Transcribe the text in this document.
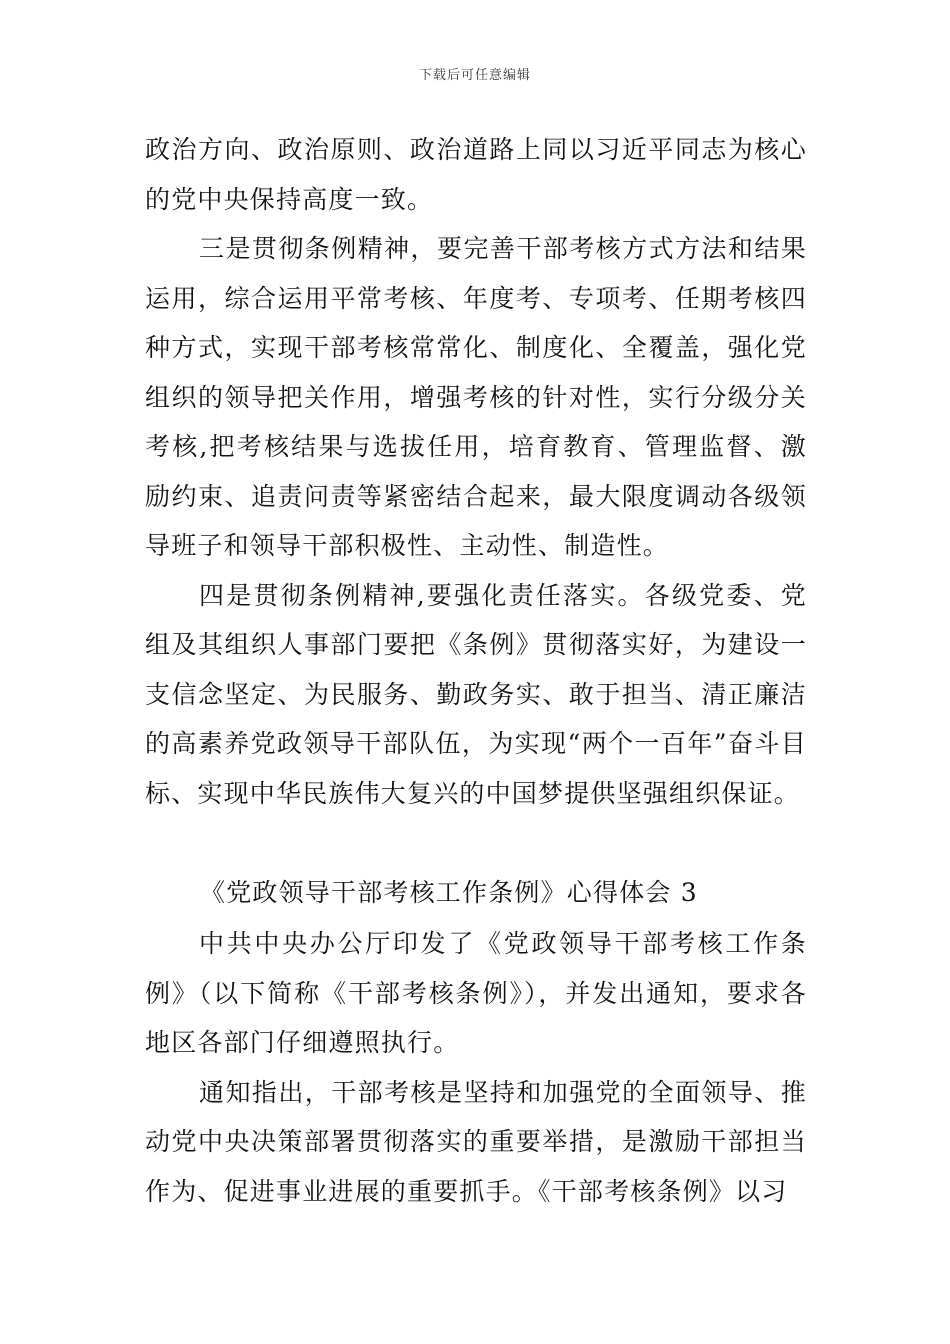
下载后可任意编辑

政治方向、政治原则、政治道路上同以习近平同志为核心的党中央保持高度一致。

三是贯彻条例精神，要完善干部考核方式方法和结果运用，综合运用平常考核、年度考、专项考、任期考核四种方式，实现干部考核常常化、制度化、全覆盖，强化党组织的领导把关作用，增强考核的针对性，实行分级分关考核,把考核结果与选拔任用，培育教育、管理监督、激励约束、追责问责等紧密结合起来，最大限度调动各级领导班子和领导干部积极性、主动性、制造性。

四是贯彻条例精神,要强化责任落实。各级党委、党组及其组织人事部门要把《条例》贯彻落实好，为建设一支信念坚定、为民服务、勤政务实、敢于担当、清正廉洁的高素养党政领导干部队伍，为实现“两个一百年”奋斗目标、实现中华民族伟大复兴的中国梦提供坚强组织保证。

《党政领导干部考核工作条例》心得体会 3

中共中央办公厅印发了《党政领导干部考核工作条例》（以下简称《干部考核条例》），并发出通知，要求各地区各部门仔细遵照执行。

通知指出，干部考核是坚持和加强党的全面领导、推动党中央决策部署贯彻落实的重要举措，是激励干部担当作为、促进事业进展的重要抓手。《干部考核条例》以习
